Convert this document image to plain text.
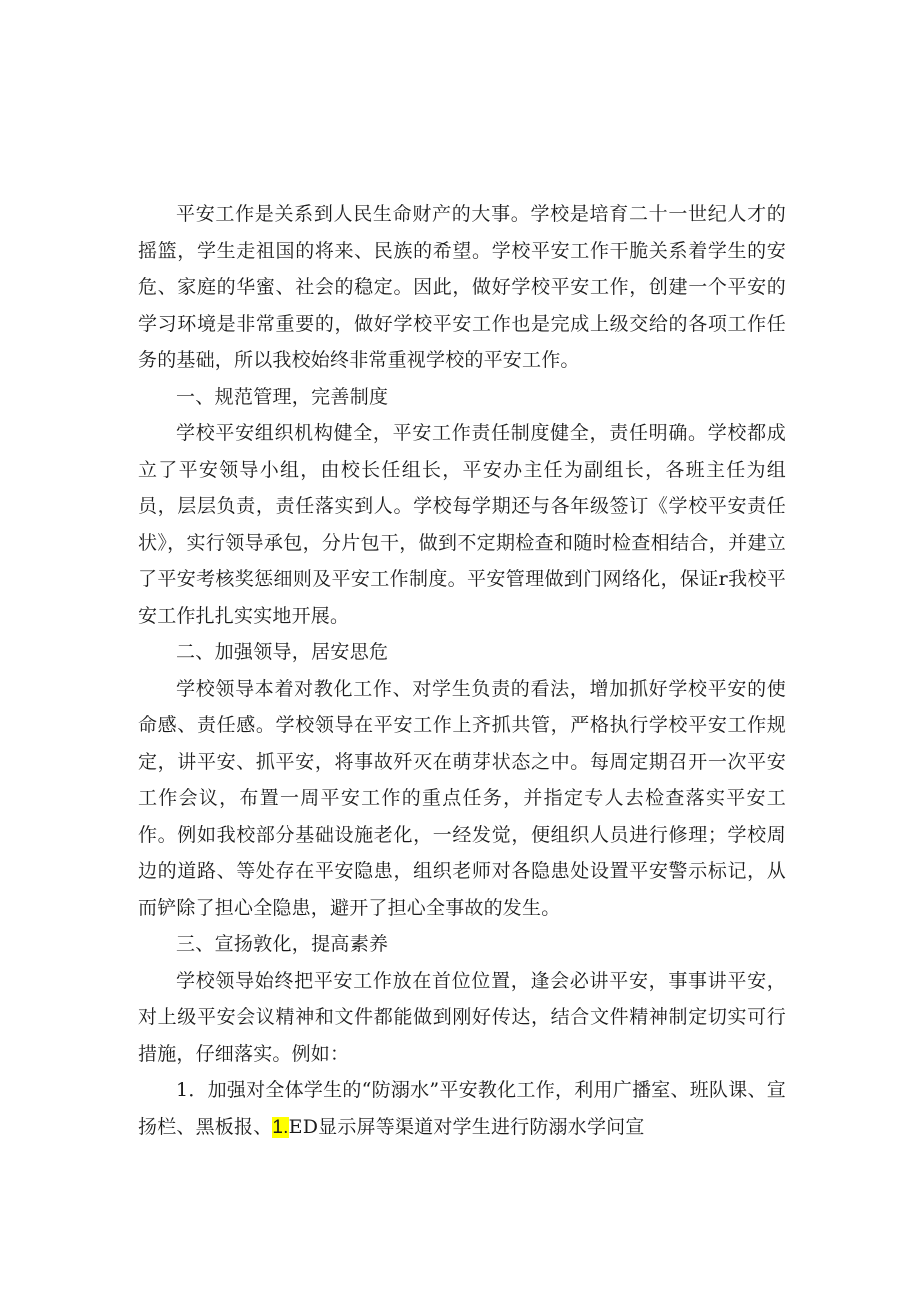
平安工作是关系到人民生命财产的大事。学校是培育二十一世纪人才的摇篮，学生走祖国的将来、民族的希望。学校平安工作干脆关系着学生的安危、家庭的华蜜、社会的稳定。因此，做好学校平安工作，创建一个平安的学习环境是非常重要的，做好学校平安工作也是完成上级交给的各项工作任务的基础，所以我校始终非常重视学校的平安工作。

一、规范管理，完善制度

学校平安组织机构健全，平安工作责任制度健全，责任明确。学校都成立了平安领导小组，由校长任组长，平安办主任为副组长，各班主任为组员，层层负责，责任落实到人。学校每学期还与各年级签订《学校平安责任状》，实行领导承包，分片包干，做到不定期检查和随时检查相结合，并建立了平安考核奖惩细则及平安工作制度。平安管理做到门网络化，保证r我校平安工作扎扎实实地开展。

二、加强领导，居安思危

学校领导本着对教化工作、对学生负责的看法，增加抓好学校平安的使命感、责任感。学校领导在平安工作上齐抓共管，严格执行学校平安工作规定，讲平安、抓平安，将事故歼灭在萌芽状态之中。每周定期召开一次平安工作会议，布置一周平安工作的重点任务，并指定专人去检查落实平安工作。例如我校部分基础设施老化，一经发觉，便组织人员进行修理；学校周边的道路、等处存在平安隐患，组织老师对各隐患处设置平安警示标记，从而铲除了担心全隐患，避开了担心全事故的发生。

三、宣扬敦化，提高素养

学校领导始终把平安工作放在首位位置，逢会必讲平安，事事讲平安，对上级平安会议精神和文件都能做到刚好传达，结合文件精神制定切实可行措施，仔细落实。例如：

1．加强对全体学生的“防溺水”平安教化工作，利用广播室、班队课、宣扬栏、黑板报、1.ED显示屏等渠道对学生进行防溺水学问宣
